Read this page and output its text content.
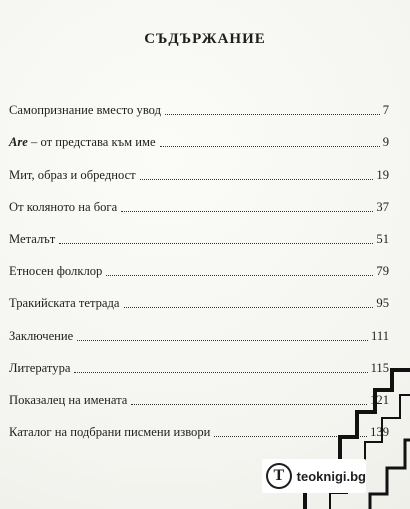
СЪДЪРЖАНИЕ
Самопризнание вместо увод	7
Are – от представа към име	9
Мит, образ и обредност	19
От колянoто на бога	37
Металът	51
Етносен фолклор	79
Тракийската тетрада	95
Заключение	111
Литература	115
Показалец на имената	121
Каталог на подбрани писмени извори	139
T teoknigi.bg
